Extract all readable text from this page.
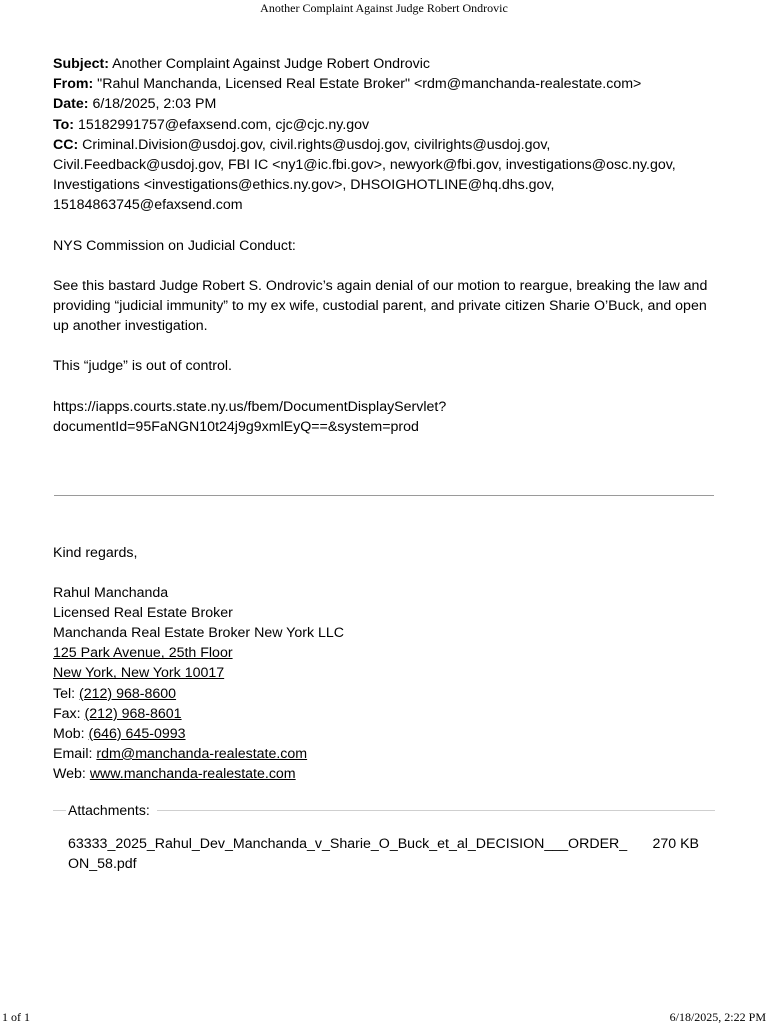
Another Complaint Against Judge Robert Ondrovic

Subject: Another Complaint Against Judge Robert Ondrovic

From: "Rahul Manchanda, Licensed Real Estate Broker" <rdm@manchanda-realestate.com>

Date: 6/18/2025, 2:03 PM

To: 15182991757@efaxsend.com, cjc@cjc.ny.gov

CC: Criminal.Division@usdoj.gov, civil.rights@usdoj.gov, civilrights@usdoj.gov, Civil.Feedback@usdoj.gov, FBI IC <ny1@ic.fbi.gov>, newyork@fbi.gov, investigations@osc.ny.gov, Investigations <investigations@ethics.ny.gov>, DHSOIGHOTLINE@hq.dhs.gov, 15184863745@efaxsend.com

NYS Commission on Judicial Conduct:

See this bastard Judge Robert S. Ondrovic’s again denial of our motion to reargue, breaking the law and providing “judicial immunity” to my ex wife, custodial parent, and private citizen Sharie O’Buck, and open up another investigation.

This “judge” is out of control.

https://iapps.courts.state.ny.us/fbem/DocumentDisplayServlet?

documentId=95FaNGN10t24j9g9xmlEyQ==&system=prod

Kind regards,

Rahul Manchanda

Licensed Real Estate Broker

Manchanda Real Estate Broker New York LLC

125 Park Avenue, 25th Floor

New York, New York 10017

Tel: (212) 968-8600

Fax: (212) 968-8601

Mob: (646) 645-0993

Email: rdm@manchanda-realestate.com

Web: www.manchanda-realestate.com

Attachments:
63333_2025_Rahul_Dev_Manchanda_v_Sharie_O_Buck_et_al_DECISION___ORDER_ON_58.pdf
270 KB
1 of 1	6/18/2025, 2:22 PM
